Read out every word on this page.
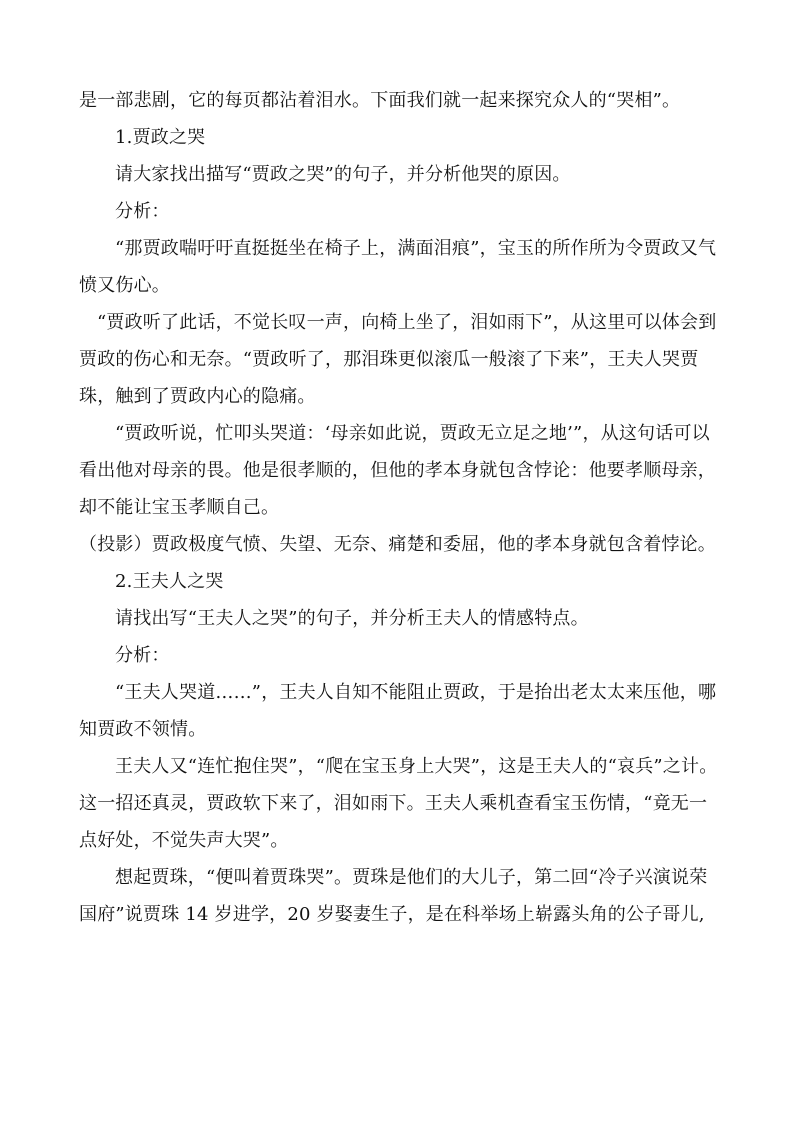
是一部悲剧，它的每页都沾着泪水。下面我们就一起来探究众人的“哭相”。

1.贾政之哭

请大家找出描写“贾政之哭”的句子，并分析他哭的原因。

分析：

“那贾政喘吁吁直挺挺坐在椅子上，满面泪痕”，宝玉的所作所为令贾政又气愤又伤心。

“贾政听了此话，不觉长叹一声，向椅上坐了，泪如雨下”，从这里可以体会到贾政的伤心和无奈。“贾政听了，那泪珠更似滚瓜一般滚了下来”，王夫人哭贾珠，触到了贾政内心的隐痛。

“贾政听说，忙叩头哭道：‘母亲如此说，贾政无立足之地’”，从这句话可以看出他对母亲的畏。他是很孝顺的，但他的孝本身就包含悖论：他要孝顺母亲，却不能让宝玉孝顺自己。

（投影）贾政极度气愤、失望、无奈、痛楚和委屈，他的孝本身就包含着悖论。

2.王夫人之哭

请找出写“王夫人之哭”的句子，并分析王夫人的情感特点。

分析：

“王夫人哭道……”，王夫人自知不能阻止贾政，于是抬出老太太来压他，哪知贾政不领情。

王夫人又“连忙抱住哭”，“爬在宝玉身上大哭”，这是王夫人的“哀兵”之计。这一招还真灵，贾政软下来了，泪如雨下。王夫人乘机查看宝玉伤情，“竟无一点好处，不觉失声大哭”。

想起贾珠，“便叫着贾珠哭”。贾珠是他们的大儿子，第二回“冷子兴演说荣国府”说贾珠 14 岁进学，20 岁娶妻生子，是在科举场上崭露头角的公子哥儿,
